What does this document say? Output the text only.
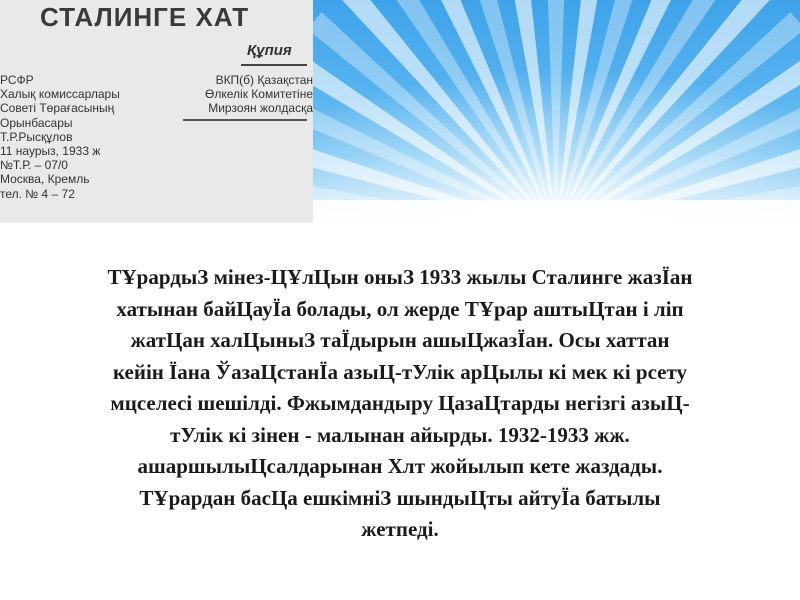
СТАЛИНГЕ ХАТ
Құпия
РСФР
Халық комиссарлары
Советі Төрағасының
Орынбасары
Т.Р.Рысқұлов
11 наурыз, 1933 ж
№Т.Р. – 07/0
Москва, Кремль
тел. № 4 – 72
ВКП(б) Қазақстан
Өлкелік Комитетіне
Мирзоян жолдасқа
ТҰрардыЗ мінез-ЦҰлЦын оныЗ 1933 жылы Сталинге жазЇан
хатынан байЦауЇа болады, ол жерде ТҰрар аштыЦтан і ліп
жатЦан халЦыныЗ таЇдырын ашыЦжазЇан. Осы хаттан
кейін Їана ЎазаЦстанЇа азыЦ-тУлік арЦылы кі мек кі рсету
мцселесі шешілді. Фжымдандыру ЦазаЦтарды негізгі азыЦ-
тУлік кі зінен - малынан айырды. 1932-1933 жж.
ашаршылыЦсалдарынан Хлт жойылып кете жаздады.
ТҰрардан басЦа ешкімніЗ шындыЦты айтуЇа батылы
жетпеді.
